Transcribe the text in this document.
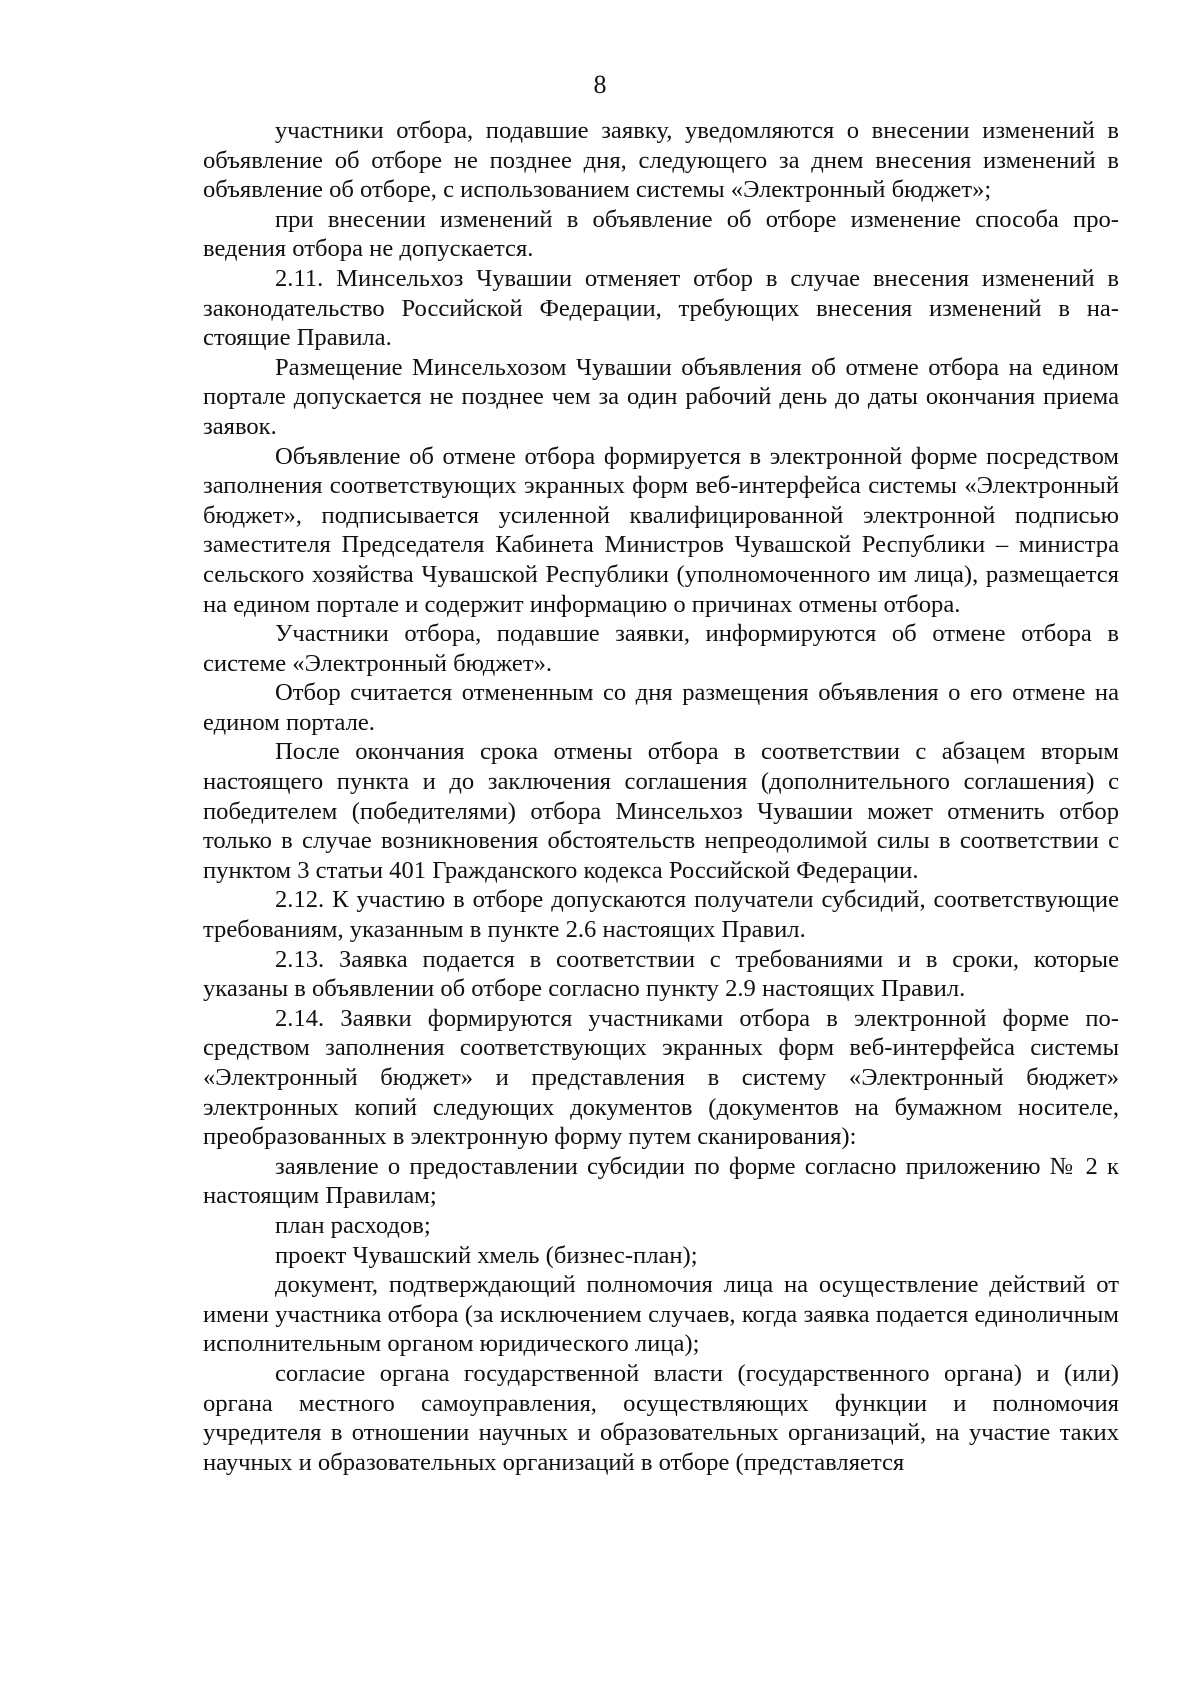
8

участники отбора, подавшие заявку, уведомляются о внесении изменений в объявление об отборе не позднее дня, следующего за днем внесения изменений в объявление об отборе, с использованием системы «Электронный бюджет»;

при внесении изменений в объявление об отборе изменение способа проведения отбора не допускается.

2.11. Минсельхоз Чувашии отменяет отбор в случае внесения изменений в законодательство Российской Федерации, требующих внесения изменений в настоящие Правила.

Размещение Минсельхозом Чувашии объявления об отмене отбора на едином портале допускается не позднее чем за один рабочий день до даты окончания приема заявок.

Объявление об отмене отбора формируется в электронной форме посредством заполнения соответствующих экранных форм веб-интерфейса системы «Электронный бюджет», подписывается усиленной квалифицированной электронной подписью заместителя Председателя Кабинета Министров Чувашской Республики – министра сельского хозяйства Чувашской Республики (уполномоченного им лица), размещается на едином портале и содержит информацию о причинах отмены отбора.

Участники отбора, подавшие заявки, информируются об отмене отбора в системе «Электронный бюджет».

Отбор считается отмененным со дня размещения объявления о его отмене на едином портале.

После окончания срока отмены отбора в соответствии с абзацем вторым настоящего пункта и до заключения соглашения (дополнительного соглашения) с победителем (победителями) отбора Минсельхоз Чувашии может отменить отбор только в случае возникновения обстоятельств непреодолимой силы в соответствии с пунктом 3 статьи 401 Гражданского кодекса Российской Федерации.

2.12. К участию в отборе допускаются получатели субсидий, соответствующие требованиям, указанным в пункте 2.6 настоящих Правил.

2.13. Заявка подается в соответствии с требованиями и в сроки, которые указаны в объявлении об отборе согласно пункту 2.9 настоящих Правил.

2.14. Заявки формируются участниками отбора в электронной форме посредством заполнения соответствующих экранных форм веб-интерфейса системы «Электронный бюджет» и представления в систему «Электронный бюджет» электронных копий следующих документов (документов на бумажном носителе, преобразованных в электронную форму путем сканирования):

заявление о предоставлении субсидии по форме согласно приложению № 2 к настоящим Правилам;

план расходов;

проект Чувашский хмель (бизнес-план);

документ, подтверждающий полномочия лица на осуществление действий от имени участника отбора (за исключением случаев, когда заявка подается единоличным исполнительным органом юридического лица);

согласие органа государственной власти (государственного органа) и (или) органа местного самоуправления, осуществляющих функции и полномочия учредителя в отношении научных и образовательных организаций, на участие таких научных и образовательных организаций в отборе (представляется
